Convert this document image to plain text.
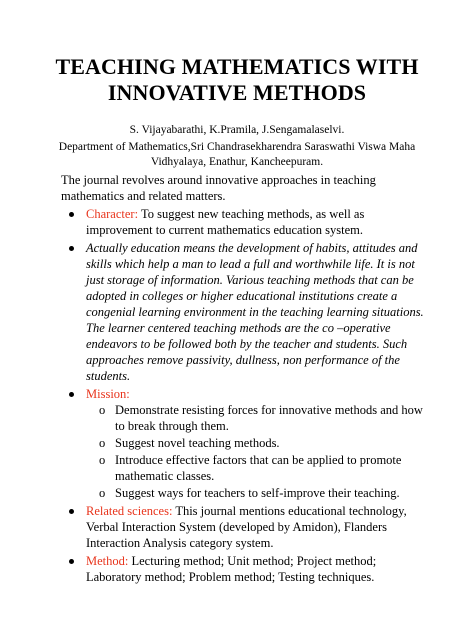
TEACHING MATHEMATICS WITH INNOVATIVE METHODS
S. Vijayabarathi, K.Pramila, J.Sengamalaselvi.
Department of Mathematics,Sri Chandrasekharendra Saraswathi Viswa Maha Vidhyalaya, Enathur, Kancheepuram.
The journal revolves around innovative approaches in teaching mathematics and related matters.
Character: To suggest new teaching methods, as well as improvement to current mathematics education system.
Actually education means the development of habits, attitudes and skills which help a man to lead a full and worthwhile life. It is not just storage of information. Various teaching methods that can be adopted in colleges or higher educational institutions create a congenial learning environment in the teaching learning situations. The learner centered teaching methods are the co –operative endeavors to be followed both by the teacher and students. Such approaches remove passivity, dullness, non performance of the students.
Mission:
o Demonstrate resisting forces for innovative methods and how to break through them.
o Suggest novel teaching methods.
o Introduce effective factors that can be applied to promote mathematic classes.
o Suggest ways for teachers to self-improve their teaching.
Related sciences: This journal mentions educational technology, Verbal Interaction System (developed by Amidon), Flanders Interaction Analysis category system.
Method: Lecturing method; Unit method; Project method; Laboratory method; Problem method; Testing techniques.
